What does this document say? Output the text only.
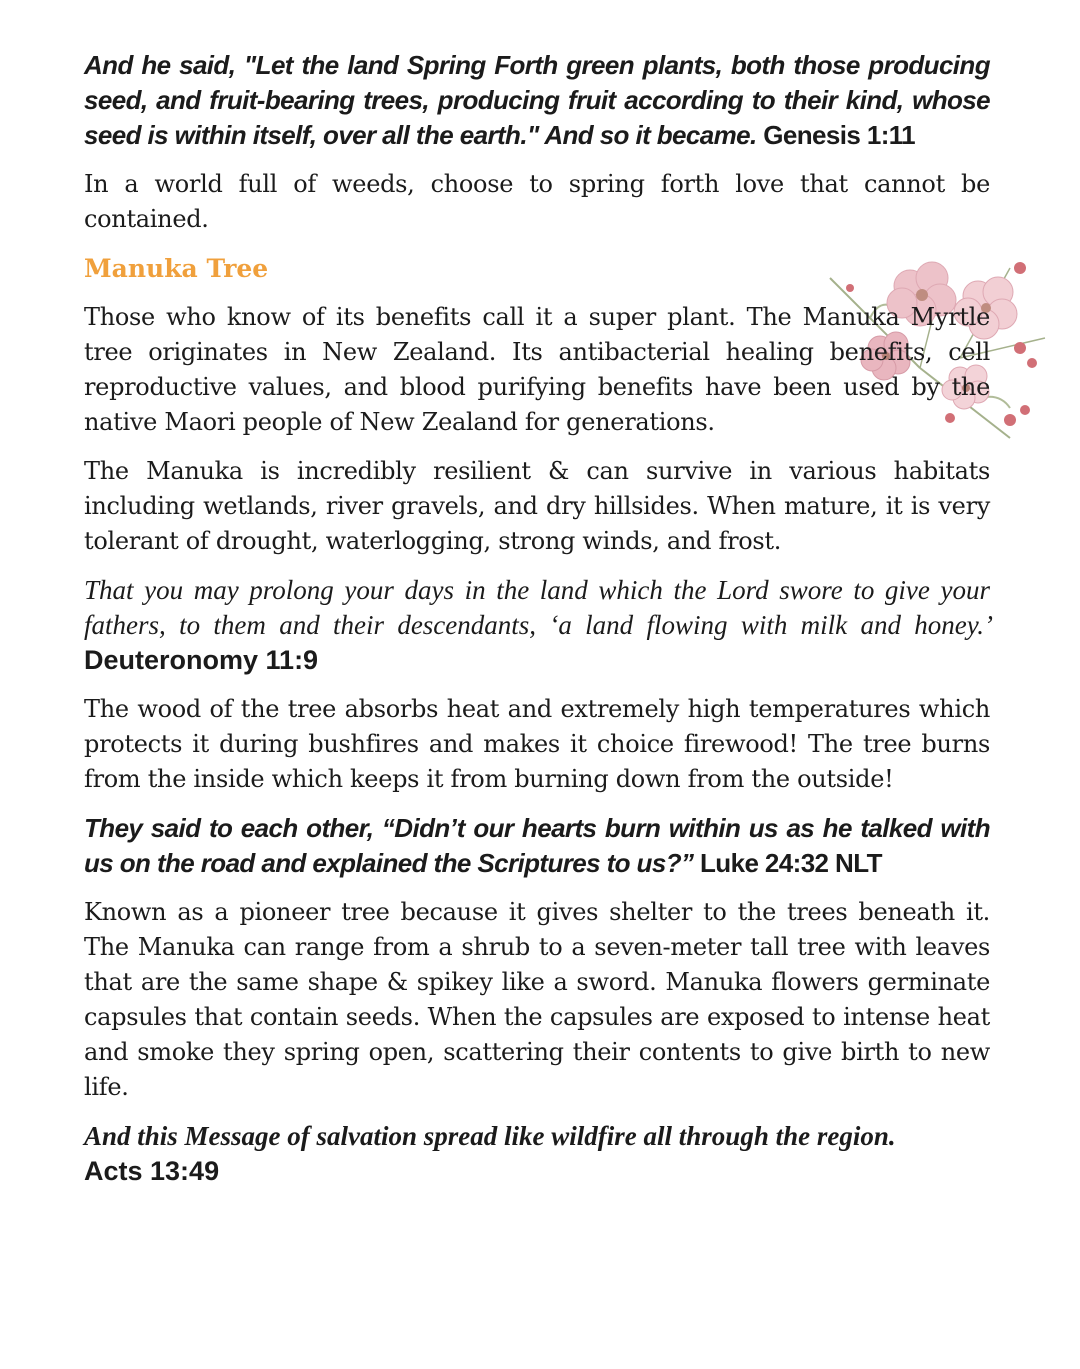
And he said, "Let the land Spring Forth green plants, both those producing seed, and fruit-bearing trees, producing fruit according to their kind, whose seed is within itself, over all the earth." And so it became. Genesis 1:11

In a world full of weeds, choose to spring forth love that cannot be contained.

Manuka Tree

Those who know of its benefits call it a super plant. The Manuka Myrtle tree originates in New Zealand. Its antibacterial healing benefits, cell reproductive values, and blood purifying benefits have been used by the native Maori people of New Zealand for generations.

The Manuka is incredibly resilient & can survive in various habitats including wetlands, river gravels, and dry hillsides. When mature, it is very tolerant of drought, waterlogging, strong winds, and frost.

That you may prolong your days in the land which the Lord swore to give your fathers, to them and their descendants, ‘a land flowing with milk and honey.’ Deuteronomy 11:9

The wood of the tree absorbs heat and extremely high temperatures which protects it during bushfires and makes it choice firewood! The tree burns from the inside which keeps it from burning down from the outside!

They said to each other, “Didn’t our hearts burn within us as he talked with us on the road and explained the Scriptures to us?” Luke 24:32 NLT

Known as a pioneer tree because it gives shelter to the trees beneath it. The Manuka can range from a shrub to a seven-meter tall tree with leaves that are the same shape & spikey like a sword. Manuka flowers germinate capsules that contain seeds. When the capsules are exposed to intense heat and smoke they spring open, scattering their contents to give birth to new life.

And this Message of salvation spread like wildfire all through the region.
Acts 13:49
